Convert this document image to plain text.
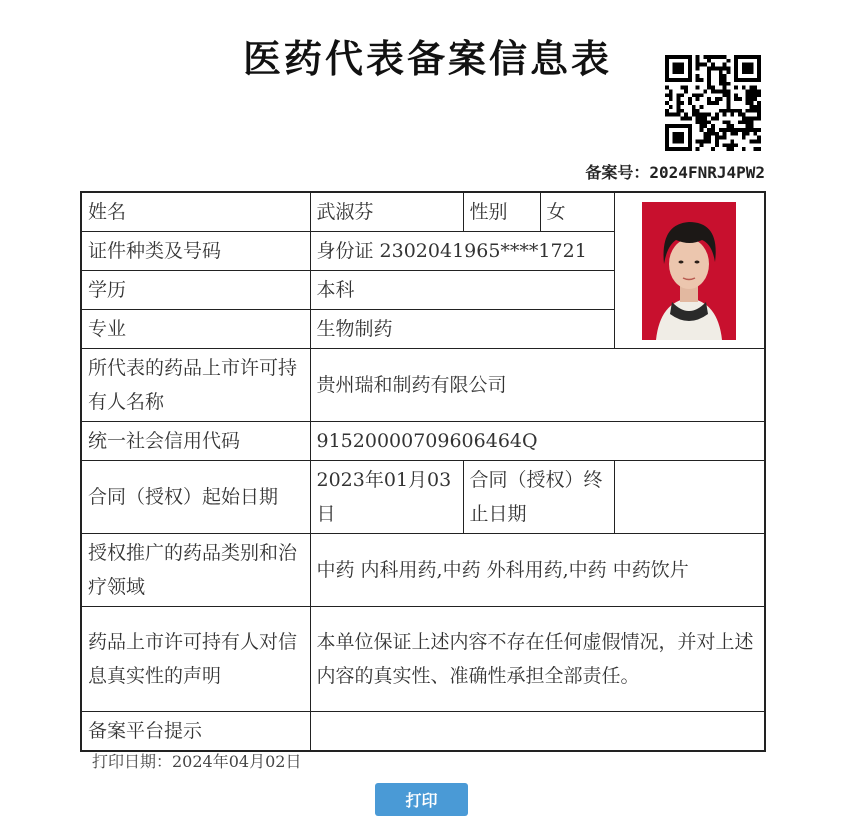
医药代表备案信息表
备案号：2024FNRJ4PW2
姓名	武淑芬	性别	女	
证件种类及号码	身份证 2302041965****1721			
学历	本科			
专业	生物制药			
所代表的药品上市许可持有人名称	贵州瑞和制药有限公司			
统一社会信用代码	91520000709606464Q			
合同（授权）起始日期	2023年01月03日	合同（授权）终止日期		
授权推广的药品类别和治疗领域	中药 内科用药,中药 外科用药,中药 中药饮片			
药品上市许可持有人对信息真实性的声明	本单位保证上述内容不存在任何虚假情况，并对上述内容的真实性、准确性承担全部责任。			
备案平台提示				
打印日期：2024年04月02日
打印
